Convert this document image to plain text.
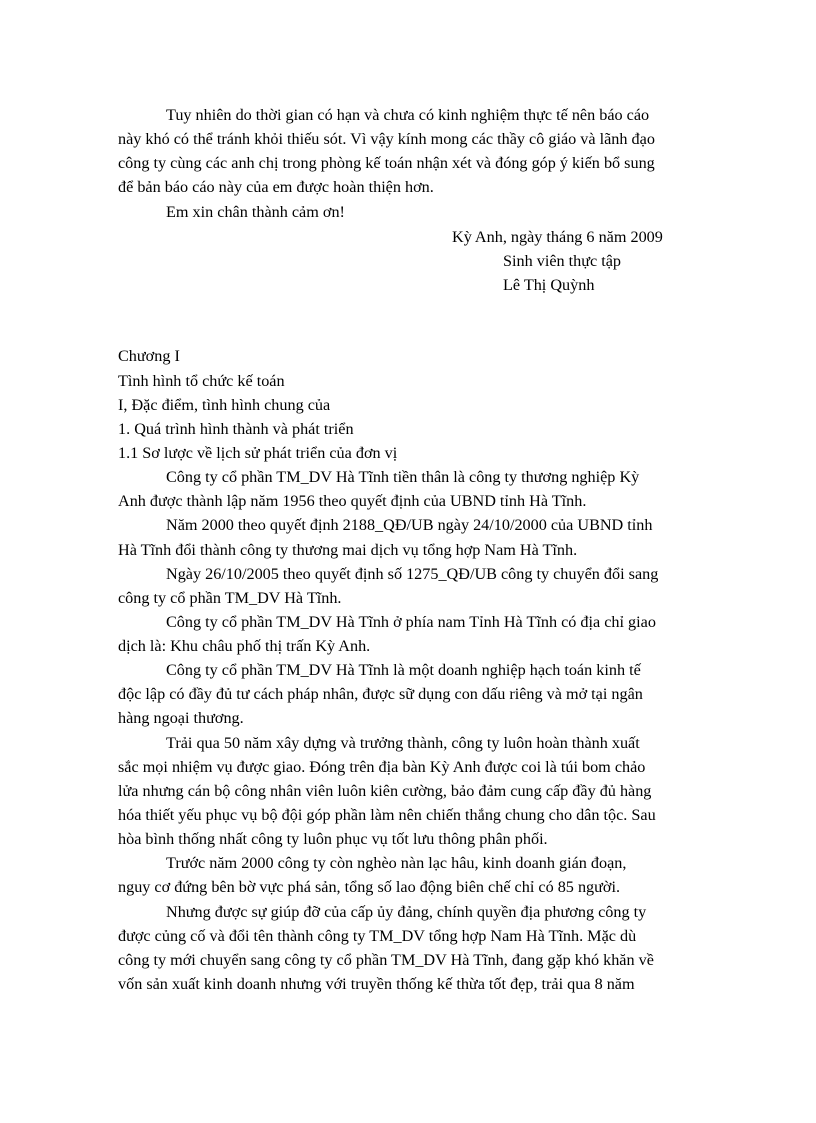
Tuy nhiên do thời gian có hạn và chưa có kinh nghiệm thực tế nên báo cáo
này khó có thể tránh khỏi thiếu sót. Vì vậy kính mong các thầy cô giáo và lãnh đạo
công ty cùng các anh chị trong phòng kế toán nhận xét và đóng góp ý kiến bổ sung
để bản báo cáo này của em được hoàn thiện hơn.
Em xin chân thành cảm ơn!
Kỳ Anh, ngày tháng 6 năm 2009
Sinh viên thực tập
Lê Thị Quỳnh
Chương I
Tình hình tổ chức kế toán
I, Đặc điểm, tình hình chung của
1. Quá trình hình thành và phát triển
1.1 Sơ lược về lịch sử phát triển của đơn vị
Công ty cổ phần TM_DV Hà Tĩnh tiền thân là công ty thương nghiệp Kỳ
Anh được thành lập năm 1956 theo quyết định của UBND tỉnh Hà Tĩnh.
Năm 2000 theo quyết định 2188_QĐ/UB ngày 24/10/2000 của UBND tỉnh
Hà Tĩnh đổi thành công ty thương mai dịch vụ tổng hợp Nam Hà Tĩnh.
Ngày 26/10/2005 theo quyết định số 1275_QĐ/UB công ty chuyển đổi sang
công ty cổ phần TM_DV Hà Tĩnh.
Công ty cổ phần TM_DV Hà Tĩnh ở phía nam Tỉnh Hà Tĩnh có địa chỉ giao
dịch là: Khu châu phố thị trấn Kỳ Anh.
Công ty cổ phần TM_DV Hà Tĩnh là một doanh nghiệp hạch toán kinh tế
độc lập có đầy đủ tư cách pháp nhân, được sữ dụng con dấu riêng và mở tại ngân
hàng ngoại thương.
Trải qua 50 năm xây dựng và trưởng thành, công ty luôn hoàn thành xuất
sắc mọi nhiệm vụ được giao. Đóng trên địa bàn Kỳ Anh được coi là túi bom chảo
lửa nhưng cán bộ công nhân viên luôn kiên cường, bảo đảm cung cấp đầy đủ hàng
hóa thiết yếu phục vụ bộ đội góp phần làm nên chiến thắng chung cho dân tộc. Sau
hòa bình thống nhất công ty luôn phục vụ tốt lưu thông phân phối.
Trước năm 2000 công ty còn nghèo nàn lạc hâu, kinh doanh gián đoạn,
nguy cơ đứng bên bờ vực phá sản, tổng số lao động biên chế chỉ có 85 người.
Nhưng được sự giúp đỡ của cấp ủy đảng, chính quyền địa phương công ty
được củng cố và đổi tên thành công ty TM_DV tổng hợp Nam Hà Tĩnh. Mặc dù
công ty mới chuyển sang công ty cổ phần TM_DV Hà Tĩnh, đang gặp khó khăn về
vốn sản xuất kinh doanh nhưng với truyền thống kế thừa tốt đẹp, trải qua 8 năm
